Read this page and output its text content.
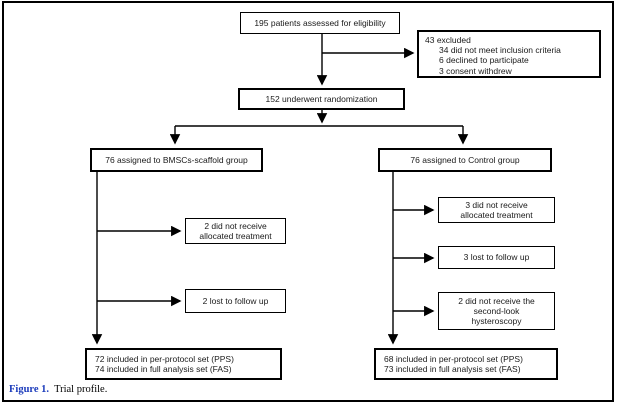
195 patients assessed for eligibility
43 excluded
34 did not meet inclusion criteria
6 declined to participate
3 consent withdrew
152 underwent randomization
76 assigned to BMSCs-scaffold group	76 assigned to Control group
2 did not receive
allocated treatment
2 lost to follow up
3 did not receive
allocated treatment
3 lost to follow up
2 did not receive the
second-look
hysteroscopy
72 included in per-protocol set (PPS)
74 included in full analysis set (FAS)
68 included in per-protocol set (PPS)
73 included in full analysis set (FAS)
Figure 1. Trial profile.
